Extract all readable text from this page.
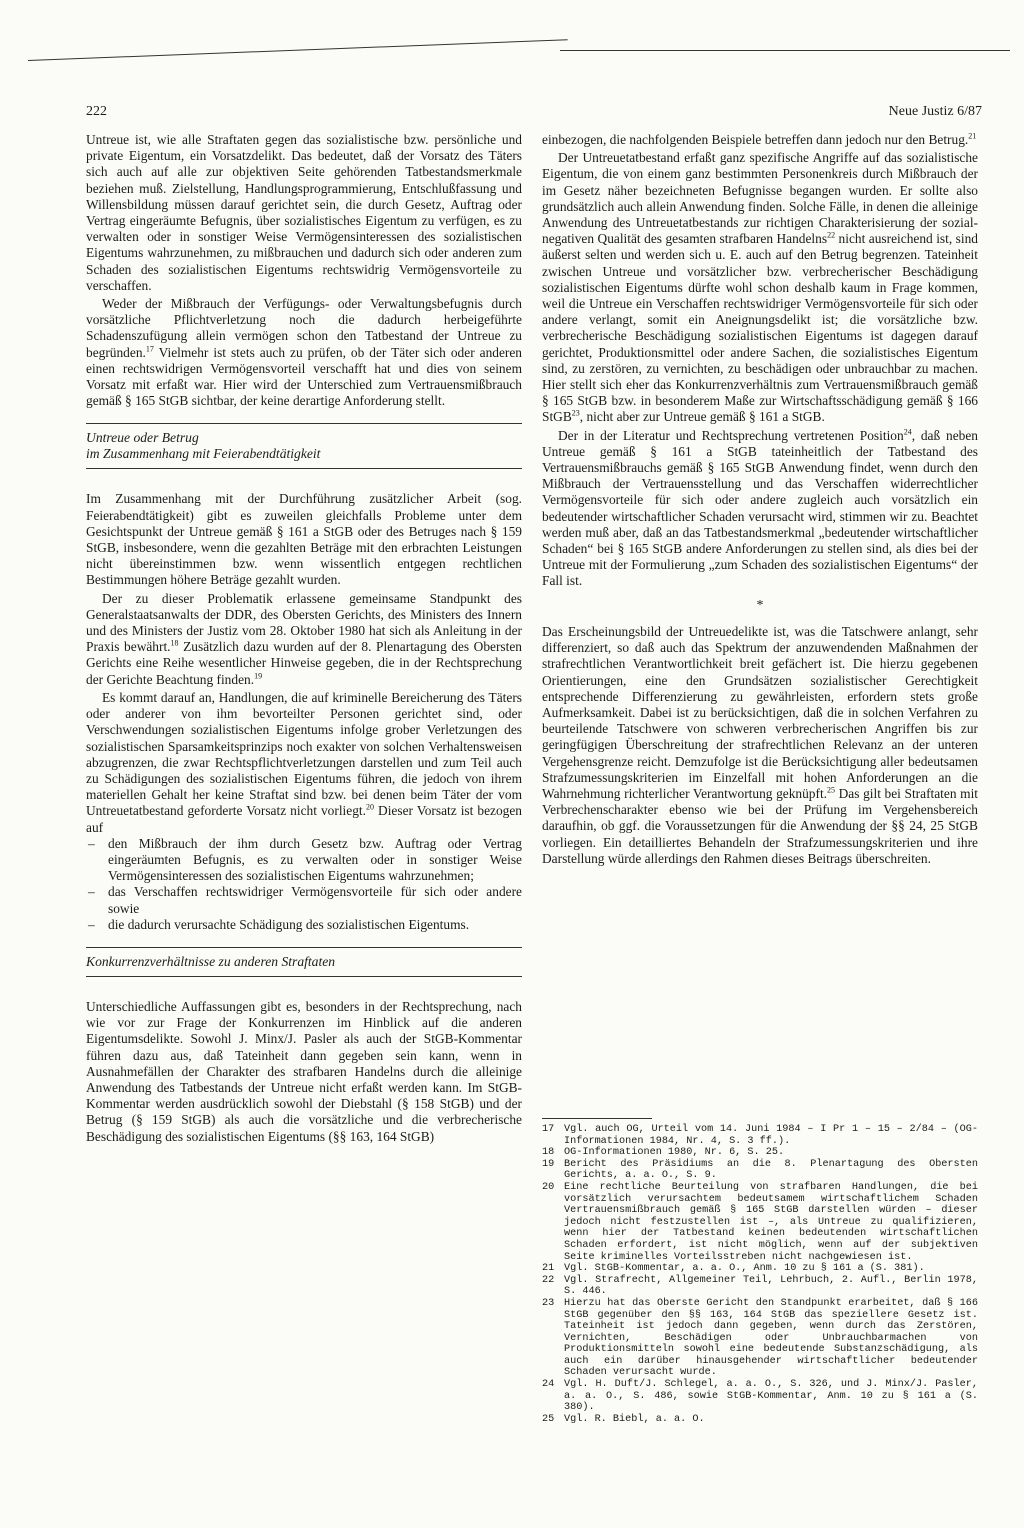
222	Neue Justiz 6/87

Untreue ist, wie alle Straftaten gegen das sozialistische bzw. persönliche und private Eigentum, ein Vorsatzdelikt. Das bedeutet, daß der Vorsatz des Täters sich auch auf alle zur objektiven Seite gehörenden Tatbestandsmerkmale beziehen muß. Zielstellung, Handlungsprogrammierung, Entschlußfassung und Willensbildung müssen darauf gerichtet sein, die durch Gesetz, Auftrag oder Vertrag eingeräumte Befugnis, über sozialistisches Eigentum zu verfügen, es zu verwalten oder in sonstiger Weise Vermögensinteressen des sozialistischen Eigentums wahrzunehmen, zu mißbrauchen und dadurch sich oder anderen zum Schaden des sozialistischen Eigentums rechtswidrig Vermögensvorteile zu verschaffen.

Weder der Mißbrauch der Verfügungs- oder Verwaltungsbefugnis durch vorsätzliche Pflichtverletzung noch die dadurch herbeigeführte Schadenszufügung allein vermögen schon den Tatbestand der Untreue zu begründen.$^{17}$ Vielmehr ist stets auch zu prüfen, ob der Täter sich oder anderen einen rechtswidrigen Vermögensvorteil verschafft hat und dies von seinem Vorsatz mit erfaßt war. Hier wird der Unterschied zum Vertrauensmißbrauch gemäß § 165 StGB sichtbar, der keine derartige Anforderung stellt.

Untreue oder Betrug
im Zusammenhang mit Feierabendtätigkeit

Im Zusammenhang mit der Durchführung zusätzlicher Arbeit (sog. Feierabendtätigkeit) gibt es zuweilen gleichfalls Probleme unter dem Gesichtspunkt der Untreue gemäß § 161 a StGB oder des Betruges nach § 159 StGB, insbesondere, wenn die gezahlten Beträge mit den erbrachten Leistungen nicht übereinstimmen bzw. wenn wissentlich entgegen rechtlichen Bestimmungen höhere Beträge gezahlt wurden.

Der zu dieser Problematik erlassene gemeinsame Standpunkt des Generalstaatsanwalts der DDR, des Obersten Gerichts, des Ministers des Innern und des Ministers der Justiz vom 28. Oktober 1980 hat sich als Anleitung in der Praxis bewährt.$^{18}$ Zusätzlich dazu wurden auf der 8. Plenartagung des Obersten Gerichts eine Reihe wesentlicher Hinweise gegeben, die in der Rechtsprechung der Gerichte Beachtung finden.$^{19}$

Es kommt darauf an, Handlungen, die auf kriminelle Bereicherung des Täters oder anderer von ihm bevorteilter Personen gerichtet sind, oder Verschwendungen sozialistischen Eigentums infolge grober Verletzungen des sozialistischen Sparsamkeitsprinzips noch exakter von solchen Verhaltensweisen abzugrenzen, die zwar Rechtspflichtverletzungen darstellen und zum Teil auch zu Schädigungen des sozialistischen Eigentums führen, die jedoch von ihrem materiellen Gehalt her keine Straftat sind bzw. bei denen beim Täter der vom Untreuetatbestand geforderte Vorsatz nicht vorliegt.$^{20}$ Dieser Vorsatz ist bezogen auf

– den Mißbrauch der ihm durch Gesetz bzw. Auftrag oder Vertrag eingeräumten Befugnis, es zu verwalten oder in sonstiger Weise Vermögensinteressen des sozialistischen Eigentums wahrzunehmen;
– das Verschaffen rechtswidriger Vermögensvorteile für sich oder andere sowie
– die dadurch verursachte Schädigung des sozialistischen Eigentums.
Konkurrenzverhältnisse zu anderen Straftaten

Unterschiedliche Auffassungen gibt es, besonders in der Rechtsprechung, nach wie vor zur Frage der Konkurrenzen im Hinblick auf die anderen Eigentumsdelikte. Sowohl J. Minx/J. Pasler als auch der StGB-Kommentar führen dazu aus, daß Tateinheit dann gegeben sein kann, wenn in Ausnahmefällen der Charakter des strafbaren Handelns durch die alleinige Anwendung des Tatbestands der Untreue nicht erfaßt werden kann. Im StGB-Kommentar werden ausdrücklich sowohl der Diebstahl (§ 158 StGB) und der Betrug (§ 159 StGB) als auch die vorsätzliche und die verbrecherische Beschädigung des sozialistischen Eigentums (§§ 163, 164 StGB)

einbezogen, die nachfolgenden Beispiele betreffen dann jedoch nur den Betrug.$^{21}$

Der Untreuetatbestand erfaßt ganz spezifische Angriffe auf das sozialistische Eigentum, die von einem ganz bestimmten Personenkreis durch Mißbrauch der im Gesetz näher bezeichneten Befugnisse begangen wurden. Er sollte also grundsätzlich auch allein Anwendung finden. Solche Fälle, in denen die alleinige Anwendung des Untreuetatbestands zur richtigen Charakterisierung der sozial-negativen Qualität des gesamten strafbaren Handelns$^{22}$ nicht ausreichend ist, sind äußerst selten und werden sich u. E. auch auf den Betrug begrenzen. Tateinheit zwischen Untreue und vorsätzlicher bzw. verbrecherischer Beschädigung sozialistischen Eigentums dürfte wohl schon deshalb kaum in Frage kommen, weil die Untreue ein Verschaffen rechtswidriger Vermögensvorteile für sich oder andere verlangt, somit ein Aneignungsdelikt ist; die vorsätzliche bzw. verbrecherische Beschädigung sozialistischen Eigentums ist dagegen darauf gerichtet, Produktionsmittel oder andere Sachen, die sozialistisches Eigentum sind, zu zerstören, zu vernichten, zu beschädigen oder unbrauchbar zu machen. Hier stellt sich eher das Konkurrenzverhältnis zum Vertrauensmißbrauch gemäß § 165 StGB bzw. in besonderem Maße zur Wirtschaftsschädigung gemäß § 166 StGB$^{23}$, nicht aber zur Untreue gemäß § 161 a StGB.

Der in der Literatur und Rechtsprechung vertretenen Position$^{24}$, daß neben Untreue gemäß § 161 a StGB tateinheitlich der Tatbestand des Vertrauensmißbrauchs gemäß § 165 StGB Anwendung findet, wenn durch den Mißbrauch der Vertrauensstellung und das Verschaffen widerrechtlicher Vermögensvorteile für sich oder andere zugleich auch vorsätzlich ein bedeutender wirtschaftlicher Schaden verursacht wird, stimmen wir zu. Beachtet werden muß aber, daß an das Tatbestandsmerkmal „bedeutender wirtschaftlicher Schaden“ bei § 165 StGB andere Anforderungen zu stellen sind, als dies bei der Untreue mit der Formulierung „zum Schaden des sozialistischen Eigentums“ der Fall ist.

*

Das Erscheinungsbild der Untreuedelikte ist, was die Tatschwere anlangt, sehr differenziert, so daß auch das Spektrum der anzuwendenden Maßnahmen der strafrechtlichen Verantwortlichkeit breit gefächert ist. Die hierzu gegebenen Orientierungen, eine den Grundsätzen sozialistischer Gerechtigkeit entsprechende Differenzierung zu gewährleisten, erfordern stets große Aufmerksamkeit. Dabei ist zu berücksichtigen, daß die in solchen Verfahren zu beurteilende Tatschwere von schweren verbrecherischen Angriffen bis zur geringfügigen Überschreitung der strafrechtlichen Relevanz an der unteren Vergehensgrenze reicht. Demzufolge ist die Berücksichtigung aller bedeutsamen Strafzumessungskriterien im Einzelfall mit hohen Anforderungen an die Wahrnehmung richterlicher Verantwortung geknüpft.$^{25}$ Das gilt bei Straftaten mit Verbrechenscharakter ebenso wie bei der Prüfung im Vergehensbereich daraufhin, ob ggf. die Voraussetzungen für die Anwendung der §§ 24, 25 StGB vorliegen. Ein detailliertes Behandeln der Strafzumessungskriterien und ihre Darstellung würde allerdings den Rahmen dieses Beitrags überschreiten.

17 Vgl. auch OG, Urteil vom 14. Juni 1984 – I Pr 1 – 15 – 2/84 – (OG-Informationen 1984, Nr. 4, S. 3 ff.).
18 OG-Informationen 1980, Nr. 6, S. 25.
19 Bericht des Präsidiums an die 8. Plenartagung des Obersten Gerichts, a. a. O., S. 9.
20 Eine rechtliche Beurteilung von strafbaren Handlungen, die bei vorsätzlich verursachtem bedeutsamem wirtschaftlichem Schaden Vertrauensmißbrauch gemäß § 165 StGB darstellen würden – dieser jedoch nicht festzustellen ist –, als Untreue zu qualifizieren, wenn hier der Tatbestand keinen bedeutenden wirtschaftlichen Schaden erfordert, ist nicht möglich, wenn auf der subjektiven Seite kriminelles Vorteilsstreben nicht nachgewiesen ist.
21 Vgl. StGB-Kommentar, a. a. O., Anm. 10 zu § 161 a (S. 381).
22 Vgl. Strafrecht, Allgemeiner Teil, Lehrbuch, 2. Aufl., Berlin 1978, S. 446.
23 Hierzu hat das Oberste Gericht den Standpunkt erarbeitet, daß § 166 StGB gegenüber den §§ 163, 164 StGB das speziellere Gesetz ist. Tateinheit ist jedoch dann gegeben, wenn durch das Zerstören, Vernichten, Beschädigen oder Unbrauchbarmachen von Produktionsmitteln sowohl eine bedeutende Substanzschädigung, als auch ein darüber hinausgehender wirtschaftlicher bedeutender Schaden verursacht wurde.
24 Vgl. H. Duft/J. Schlegel, a. a. O., S. 326, und J. Minx/J. Pasler, a. a. O., S. 486, sowie StGB-Kommentar, Anm. 10 zu § 161 a (S. 380).
25 Vgl. R. Biebl, a. a. O.
